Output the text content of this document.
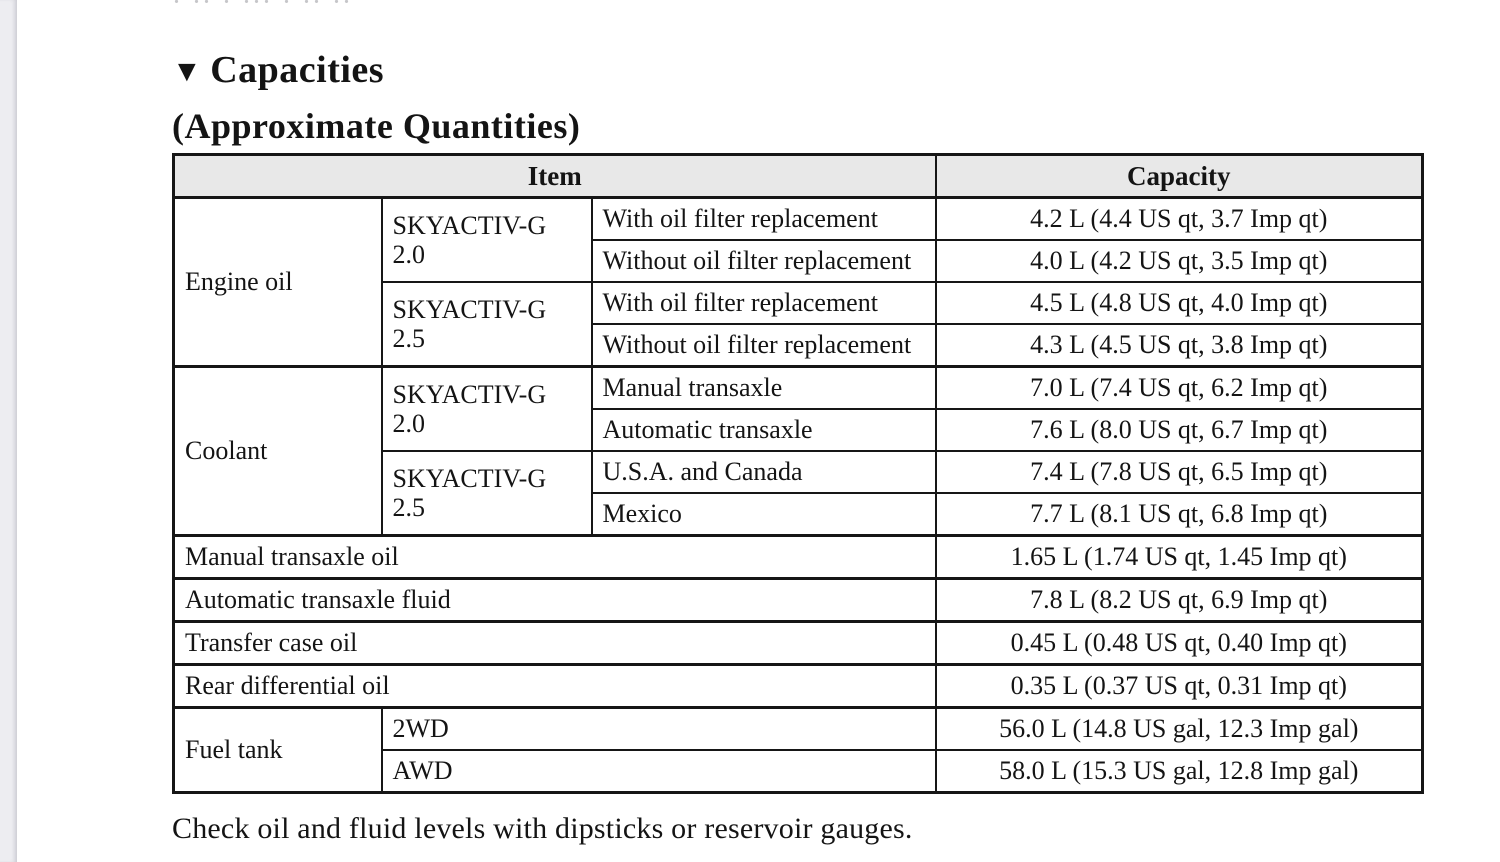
▼ Capacities
(Approximate Quantities)
Item			Capacity
Engine oil	SKYACTIV-G 2.0	With oil filter replacement	4.2 L (4.4 US qt, 3.7 Imp qt)
		Without oil filter replacement	4.0 L (4.2 US qt, 3.5 Imp qt)
	SKYACTIV-G 2.5	With oil filter replacement	4.5 L (4.8 US qt, 4.0 Imp qt)
		Without oil filter replacement	4.3 L (4.5 US qt, 3.8 Imp qt)
Coolant	SKYACTIV-G 2.0	Manual transaxle	7.0 L (7.4 US qt, 6.2 Imp qt)
		Automatic transaxle	7.6 L (8.0 US qt, 6.7 Imp qt)
	SKYACTIV-G 2.5	U.S.A. and Canada	7.4 L (7.8 US qt, 6.5 Imp qt)
		Mexico	7.7 L (8.1 US qt, 6.8 Imp qt)
Manual transaxle oil			1.65 L (1.74 US qt, 1.45 Imp qt)
Automatic transaxle fluid			7.8 L (8.2 US qt, 6.9 Imp qt)
Transfer case oil			0.45 L (0.48 US qt, 0.40 Imp qt)
Rear differential oil			0.35 L (0.37 US qt, 0.31 Imp qt)
Fuel tank	2WD		56.0 L (14.8 US gal, 12.3 Imp gal)
	AWD		58.0 L (15.3 US gal, 12.8 Imp gal)

Check oil and fluid levels with dipsticks or reservoir gauges.
